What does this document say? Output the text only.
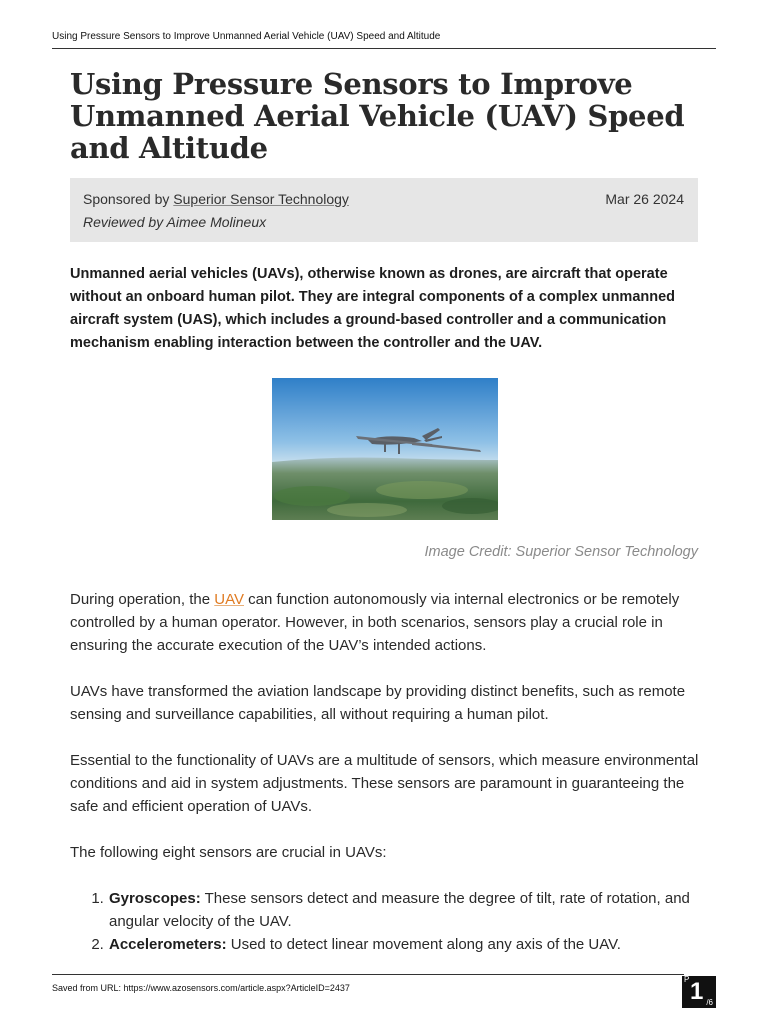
Using Pressure Sensors to Improve Unmanned Aerial Vehicle (UAV) Speed and Altitude
Using Pressure Sensors to Improve Unmanned Aerial Vehicle (UAV) Speed and Altitude
Sponsored by Superior Sensor Technology	Mar 26 2024
Reviewed by Aimee Molineux

Unmanned aerial vehicles (UAVs), otherwise known as drones, are aircraft that operate without an onboard human pilot. They are integral components of a complex unmanned aircraft system (UAS), which includes a ground-based controller and a communication mechanism enabling interaction between the controller and the UAV.

Image Credit: Superior Sensor Technology

During operation, the UAV can function autonomously via internal electronics or be remotely controlled by a human operator. However, in both scenarios, sensors play a crucial role in ensuring the accurate execution of the UAV’s intended actions.

UAVs have transformed the aviation landscape by providing distinct benefits, such as remote sensing and surveillance capabilities, all without requiring a human pilot.

Essential to the functionality of UAVs are a multitude of sensors, which measure environmental conditions and aid in system adjustments. These sensors are paramount in guaranteeing the safe and efficient operation of UAVs.

The following eight sensors are crucial in UAVs:

1. Gyroscopes: These sensors detect and measure the degree of tilt, rate of rotation, and angular velocity of the UAV.
2. Accelerometers: Used to detect linear movement along any axis of the UAV.
Saved from URL: https://www.azosensors.com/article.aspx?ArticleID=2437
P 1 /6
